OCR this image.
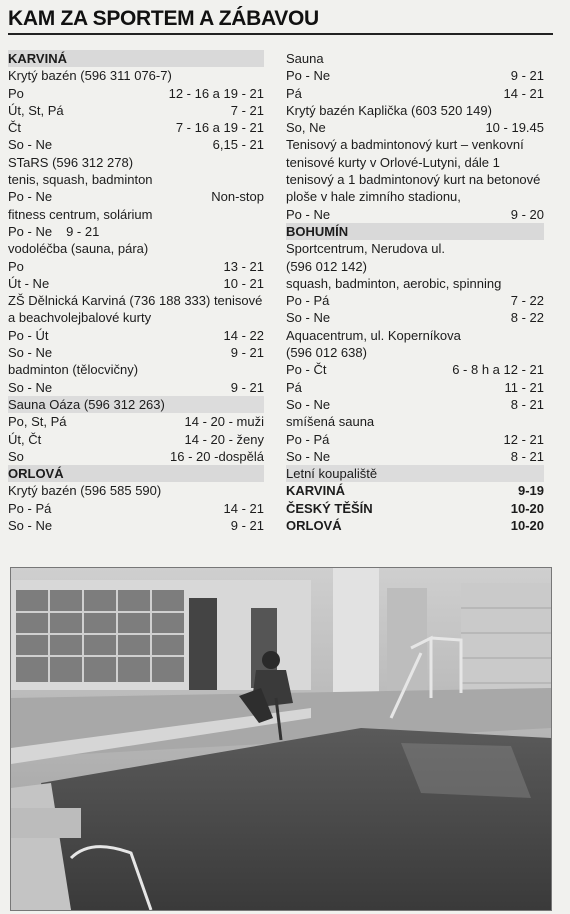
KAM ZA SPORTEM A ZÁBAVOU
KARVINÁ
Krytý bazén (596 311 076-7)
Po	12 - 16 a 19 - 21
Út, St, Pá	7 - 21
Čt	7 - 16 a 19 - 21
So - Ne	6,15 - 21
STaRS (596 312 278)
tenis, squash, badminton
Po - Ne	Non-stop
fitness centrum, solárium
Po - Ne 9 - 21
vodoléčba (sauna, pára)
Po	13 - 21
Út - Ne	10 - 21
ZŠ Dělnická Karviná (736 188 333) tenisové a beachvolejbalové kurty
Po - Út	14 - 22
So - Ne	9 - 21
badminton (tělocvičny)
So - Ne	9 - 21
Sauna Oáza (596 312 263)
Po, St, Pá	14 - 20 - muži
Út, Čt	14 - 20 - ženy
So	16 - 20 -dospělá
ORLOVÁ
Krytý bazén (596 585 590)
Po - Pá	14 - 21
So - Ne	9 - 21
Sauna
Po - Ne	9 - 21
Pá	14 - 21
Krytý bazén Kaplička (603 520 149)
So, Ne	10 - 19.45
Tenisový a badmintonový kurt – venkovní tenisové kurty v Orlové-Lutyni, dále 1 tenisový a 1 badmintonový kurt na betonové ploše v hale zimního stadionu,
Po - Ne	9 - 20
BOHUMÍN
Sportcentrum, Nerudova ul.
(596 012 142)
squash, badminton, aerobic, spinning
Po - Pá	7 - 22
So - Ne	8 - 22
Aquacentrum, ul. Koperníkova
(596 012 638)
Po - Čt	6 - 8 h a 12 - 21
Pá	11 - 21
So - Ne	8 - 21
smíšená sauna
Po - Pá	12 - 21
So - Ne	8 - 21
Letní koupaliště
KARVINÁ	9-19
ČESKÝ TĚŠÍN	10-20
ORLOVÁ	10-20
